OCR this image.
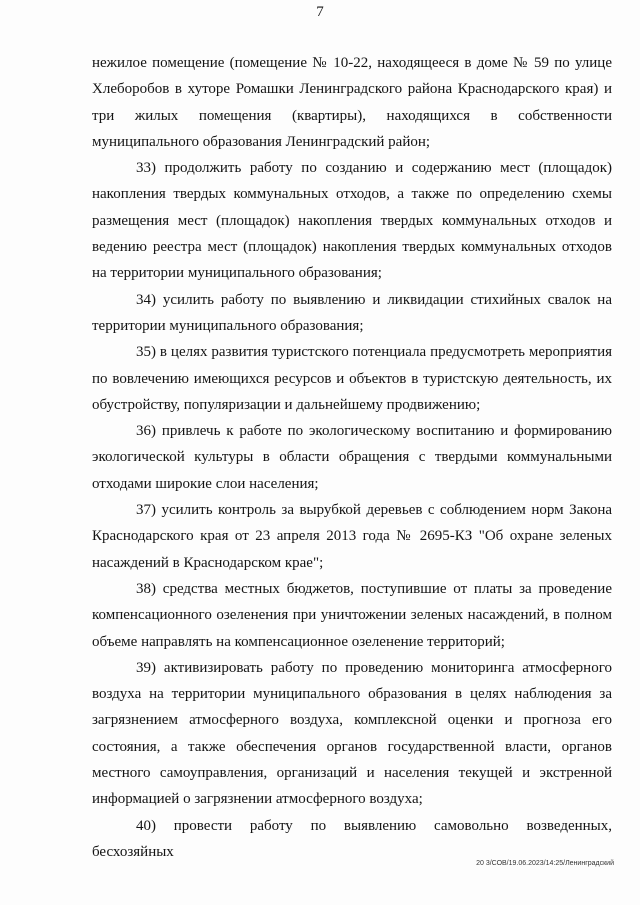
7

нежилое помещение (помещение № 10-22, находящееся в доме № 59 по улице Хлеборобов в хуторе Ромашки Ленинградского района Краснодарского края) и три жилых помещения (квартиры), находящихся в собственности муниципального образования Ленинградский район;

33) продолжить работу по созданию и содержанию мест (площадок) накопления твердых коммунальных отходов, а также по определению схемы размещения мест (площадок) накопления твердых коммунальных отходов и ведению реестра мест (площадок) накопления твердых коммунальных отходов на территории муниципального образования;

34) усилить работу по выявлению и ликвидации стихийных свалок на территории муниципального образования;

35) в целях развития туристского потенциала предусмотреть мероприятия по вовлечению имеющихся ресурсов и объектов в туристскую деятельность, их обустройству, популяризации и дальнейшему продвижению;

36) привлечь к работе по экологическому воспитанию и формированию экологической культуры в области обращения с твердыми коммунальными отходами широкие слои населения;

37) усилить контроль за вырубкой деревьев с соблюдением норм Закона Краснодарского края от 23 апреля 2013 года № 2695-КЗ "Об охране зеленых насаждений в Краснодарском крае";

38) средства местных бюджетов, поступившие от платы за проведение компенсационного озеленения при уничтожении зеленых насаждений, в полном объеме направлять на компенсационное озеленение территорий;

39) активизировать работу по проведению мониторинга атмосферного воздуха на территории муниципального образования в целях наблюдения за загрязнением атмосферного воздуха, комплексной оценки и прогноза его состояния, а также обеспечения органов государственной власти, органов местного самоуправления, организаций и населения текущей и экстренной информацией о загрязнении атмосферного воздуха;

40) провести работу по выявлению самовольно возведенных, бесхозяйных

20 3/СОВ/19.06.2023/14:25/Ленинградский
